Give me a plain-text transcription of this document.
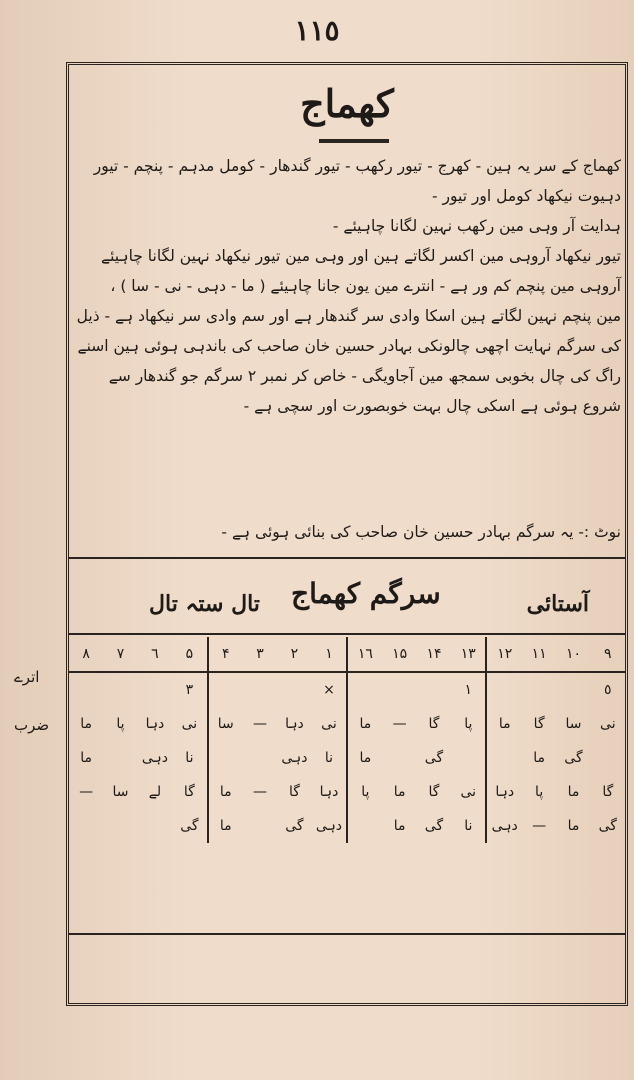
١١٥
کھماج

کھماج کے سر یہ ہین - کھرج - تیور رکھب - تیور گندھار - کومل مدہم - پنچم - تیور دہیوت نیکھاد کومل اور تیور -

ہدایت آر وہی مین رکھب نہین لگانا چاہیئے -

تیور نیکھاد آروہی مین اکسر لگاتے ہین اور وہی مین تیور نیکھاد نہین لگانا چاہیئے آروہی مین پنچم کم ور ہے - انترے مین یون جانا چاہیئے ( ما - دہی - نی - سا ) ،

مین پنچم نہین لگاتے ہین اسکا وادی سر گندھار ہے اور سم وادی سر نیکھاد ہے - ذیل کی سرگم نہایت اچھی چالونکی بہادر حسین خان صاحب کی باندہی ہوئی ہین اسنے راگ کی چال بخوبی سمجھ مین آجاویگی - خاص کر نمبر ۲ سرگم جو گندھار سے شروع ہوئی ہے اسکی چال بہت خوبصورت اور سچی ہے -

نوٹ :- یہ سرگم بہادر حسین خان صاحب کی بنائی ہوئی ہے -
آستائی
سرگم کھماج
تال ستہ تال
٩	١٠	١١	١٢	١٣	١۴	١۵	١٦	١	٢	٣	۴	۵	٦	٧	٨
٥				١				×				٣			
نی	سا	گا	ما	پا	گا	—	ما	نی	دہا	—	سا	نی	دہا	پا	ما
	گی	ما			گی		ما	نا	دہی			نا	دہی		ما
گا	ما	پا	دہا	نی	گا	ما	پا	دہا	گا	—	ما	گا	لے	سا	—
گی	ما	—	دہی	نا	گی	ما		دہی	گی		ما	گی			
اترے
ضرب
